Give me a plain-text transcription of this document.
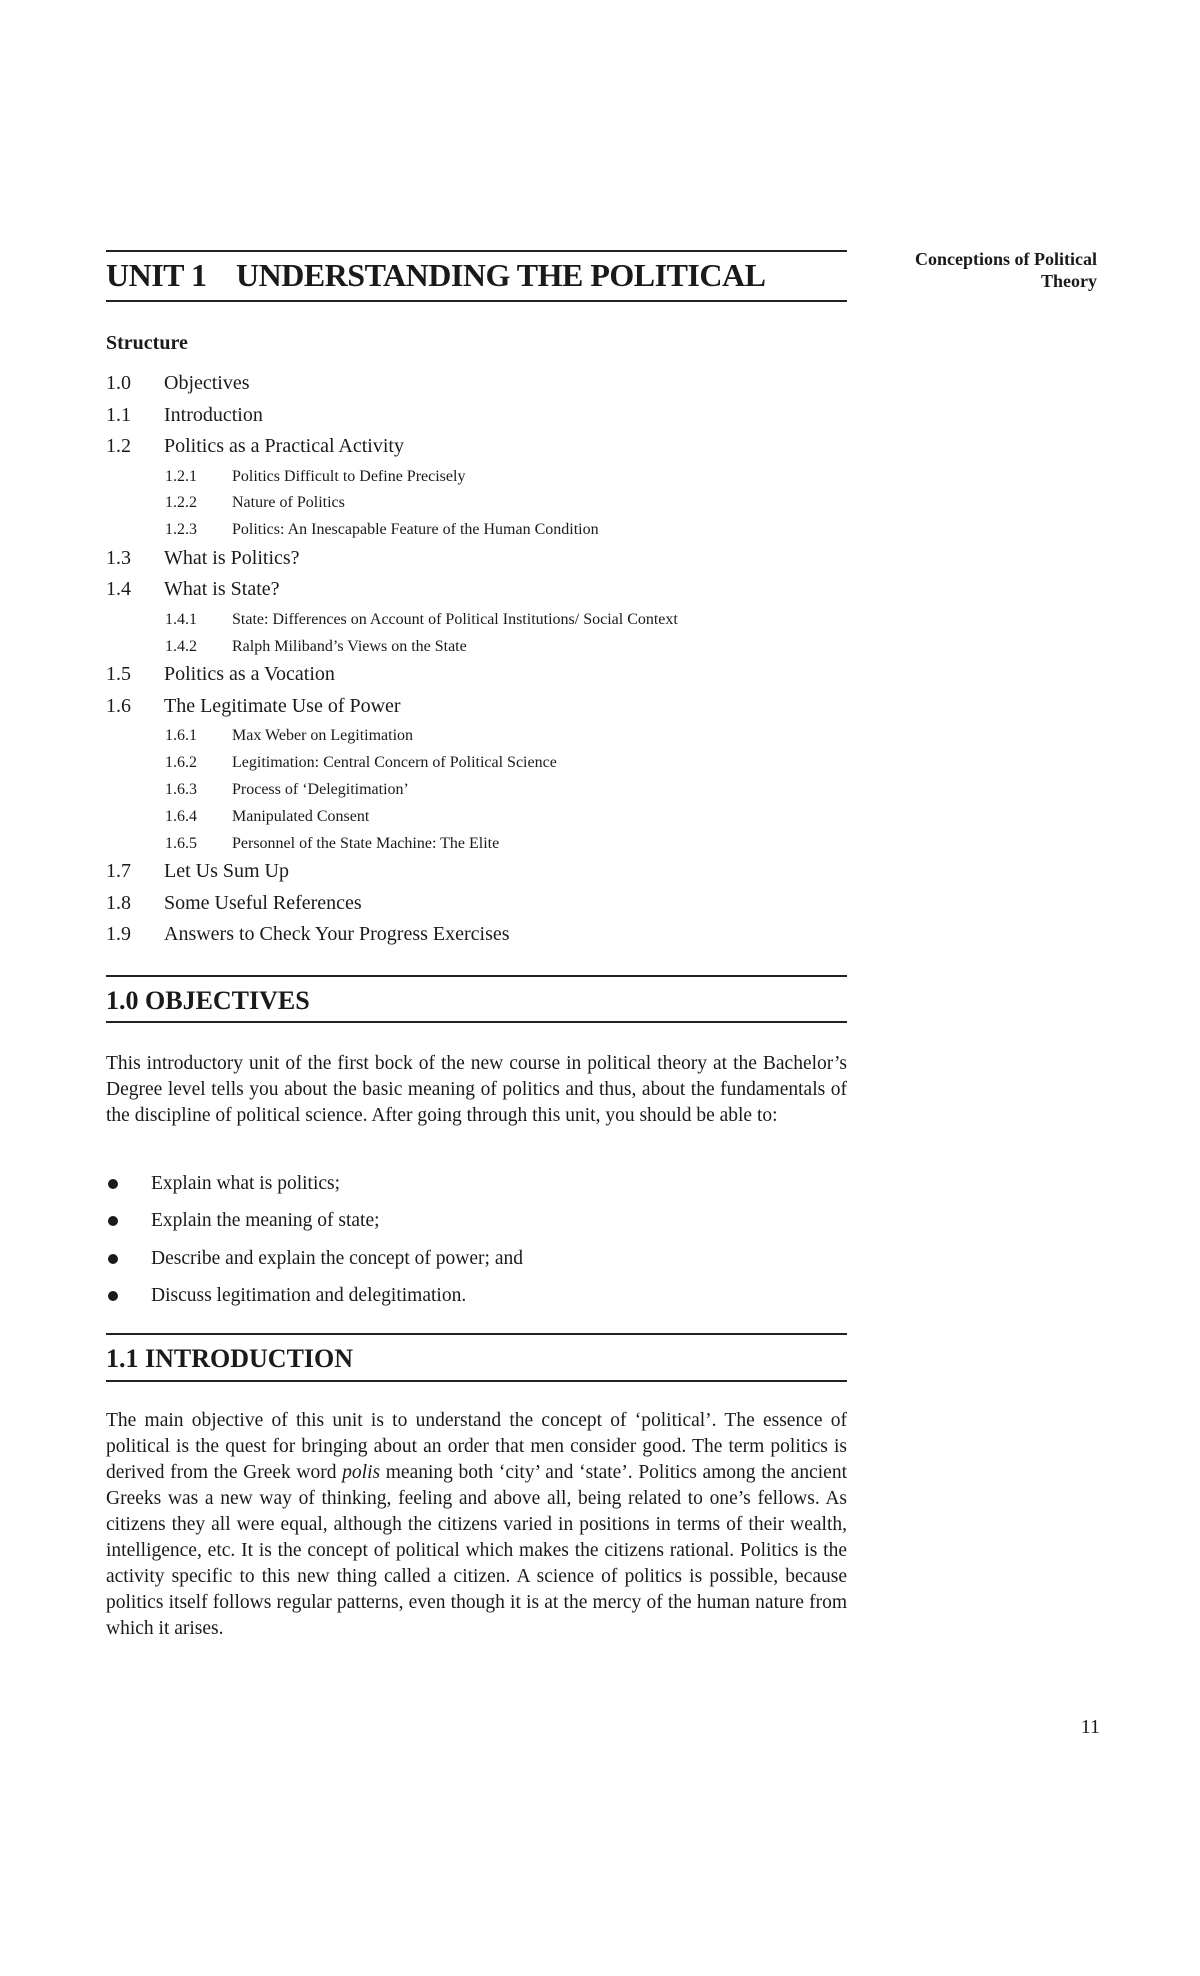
Conceptions of Political Theory
UNIT 1 UNDERSTANDING THE POLITICAL
Structure
1.0 Objectives
1.1 Introduction
1.2 Politics as a Practical Activity
1.2.1 Politics Difficult to Define Precisely
1.2.2 Nature of Politics
1.2.3 Politics: An Inescapable Feature of the Human Condition
1.3 What is Politics?
1.4 What is State?
1.4.1 State: Differences on Account of Political Institutions/ Social Context
1.4.2 Ralph Miliband’s Views on the State
1.5 Politics as a Vocation
1.6 The Legitimate Use of Power
1.6.1 Max Weber on Legitimation
1.6.2 Legitimation: Central Concern of Political Science
1.6.3 Process of ‘Delegitimation’
1.6.4 Manipulated Consent
1.6.5 Personnel of the State Machine: The Elite
1.7 Let Us Sum Up
1.8 Some Useful References
1.9 Answers to Check Your Progress Exercises
1.0 OBJECTIVES
This introductory unit of the first bock of the new course in political theory at the Bachelor’s Degree level tells you about the basic meaning of politics and thus, about the fundamentals of the discipline of political science. After going through this unit, you should be able to:
Explain what is politics;
Explain the meaning of state;
Describe and explain the concept of power; and
Discuss legitimation and delegitimation.
1.1 INTRODUCTION
The main objective of this unit is to understand the concept of ‘political’. The essence of political is the quest for bringing about an order that men consider good. The term politics is derived from the Greek word polis meaning both ‘city’ and ‘state’. Politics among the ancient Greeks was a new way of thinking, feeling and above all, being related to one’s fellows. As citizens they all were equal, although the citizens varied in positions in terms of their wealth, intelligence, etc. It is the concept of political which makes the citizens rational. Politics is the activity specific to this new thing called a citizen. A science of politics is possible, because politics itself follows regular patterns, even though it is at the mercy of the human nature from which it arises.
11
